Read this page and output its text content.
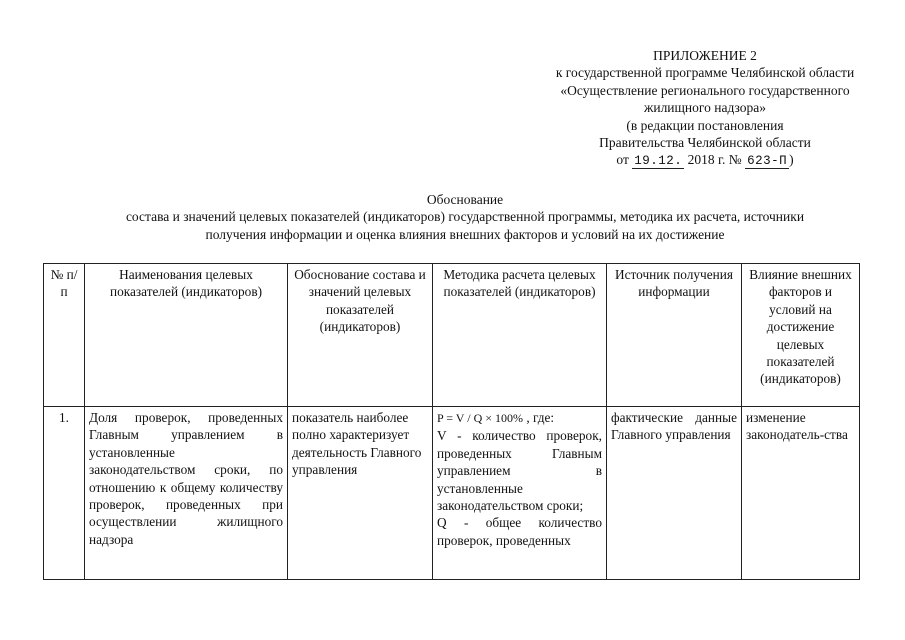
ПРИЛОЖЕНИЕ 2
к государственной программе Челябинской области
«Осуществление регионального государственного
жилищного надзора»
(в редакции постановления
Правительства Челябинской области
от 19.12. 2018 г. № 623-П )
Обоснование
состава и значений целевых показателей (индикаторов) государственной программы, методика их расчета, источники
получения информации и оценка влияния внешних факторов и условий на их достижение
№ п/п	Наименования целевых показателей (индикаторов)	Обоснование состава и значений целевых показателей (индикаторов)	Методика расчета целевых показателей (индикаторов)	Источник получения информации	Влияние внешних факторов и условий на достижение целевых показателей (индикаторов)
1.	Доля проверок, проведенных Главным управлением в установленные законодательством сроки, по отношению к общему количеству проверок, проведенных при осуществлении жилищного надзора	показатель наиболее полно характеризует деятельность Главного управления	P = V / Q × 100% , где:
V - количество проверок, проведенных Главным управлением в установленные законодательством сроки;
Q - общее количество проверок, проведенных	фактические данные Главного управления	изменение законодатель-ства
